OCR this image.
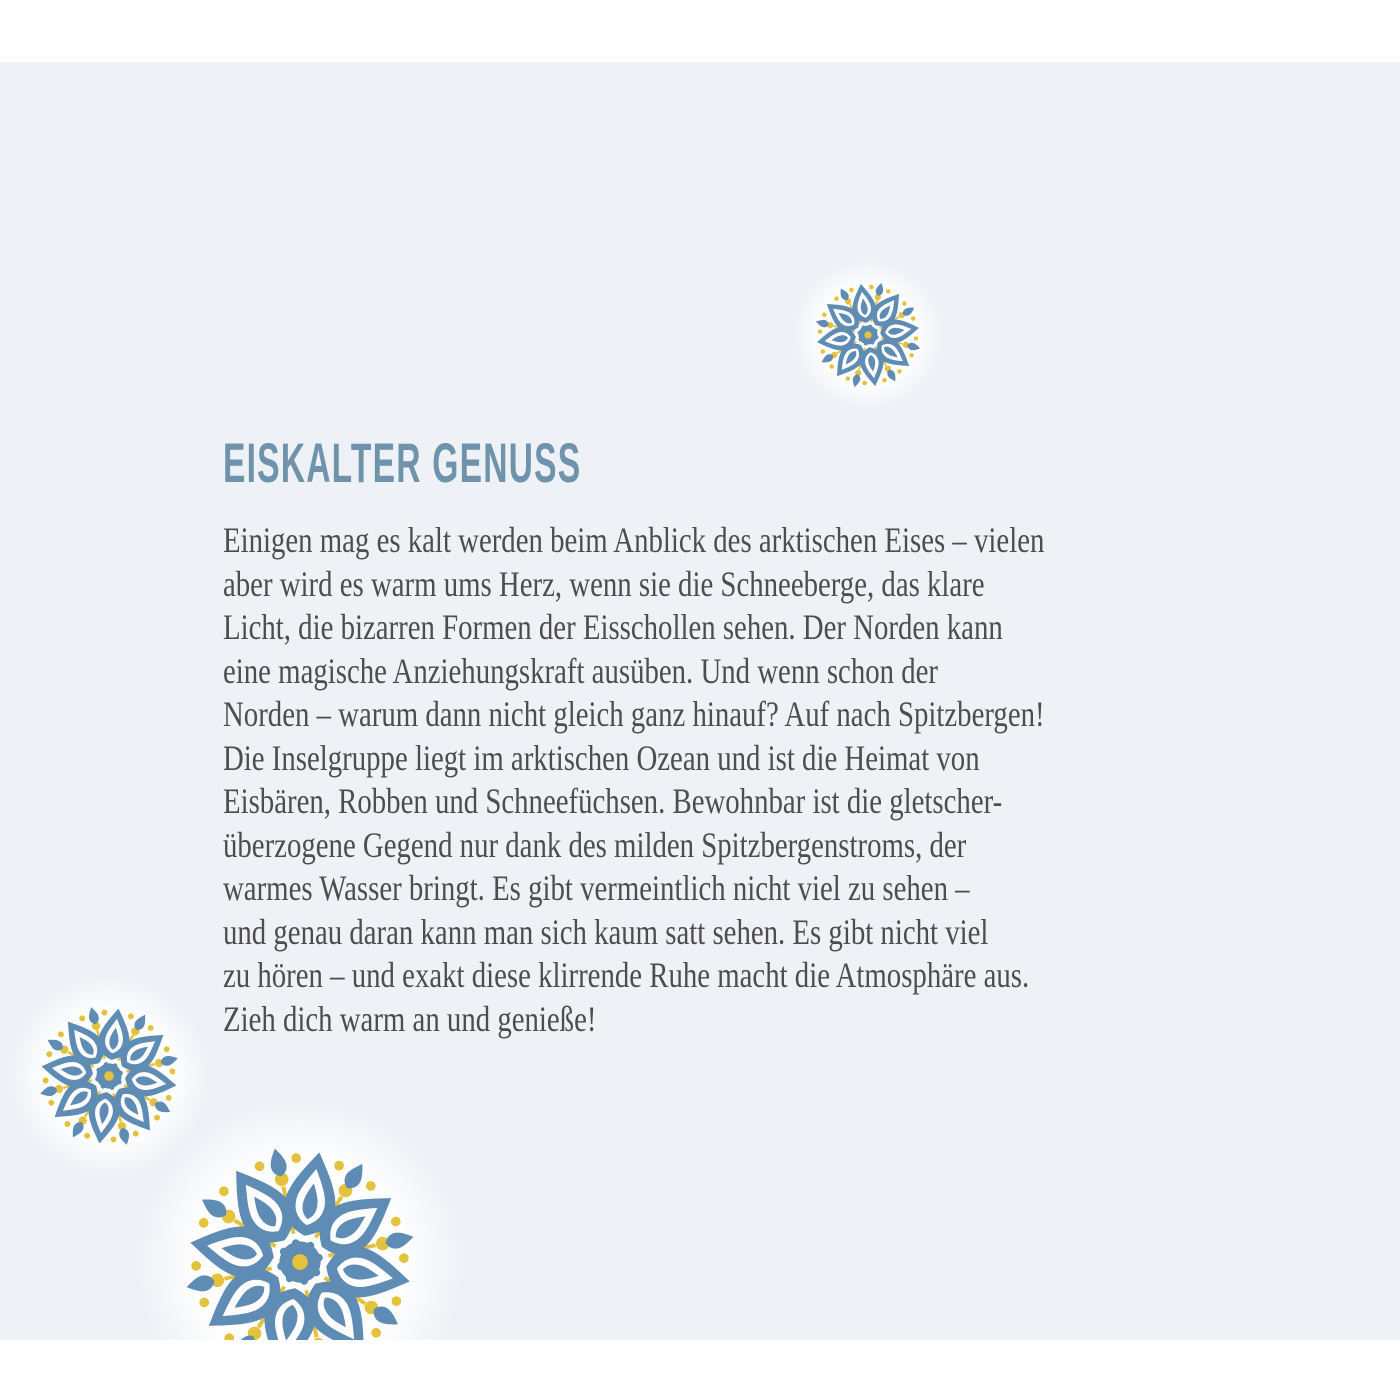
EISKALTER GENUSS
Einigen mag es kalt werden beim Anblick des arktischen Eises – vielen
aber wird es warm ums Herz, wenn sie die Schneeberge, das klare
Licht, die bizarren Formen der Eisschollen sehen. Der Norden kann
eine magische Anziehungskraft ausüben. Und wenn schon der
Norden – warum dann nicht gleich ganz hinauf? Auf nach Spitzbergen!
Die Inselgruppe liegt im arktischen Ozean und ist die Heimat von
Eisbären, Robben und Schneefüchsen. Bewohnbar ist die gletscher-
überzogene Gegend nur dank des milden Spitzbergenstroms, der
warmes Wasser bringt. Es gibt vermeintlich nicht viel zu sehen –
und genau daran kann man sich kaum satt sehen. Es gibt nicht viel
zu hören – und exakt diese klirrende Ruhe macht die Atmosphäre aus.
Zieh dich warm an und genieße!
